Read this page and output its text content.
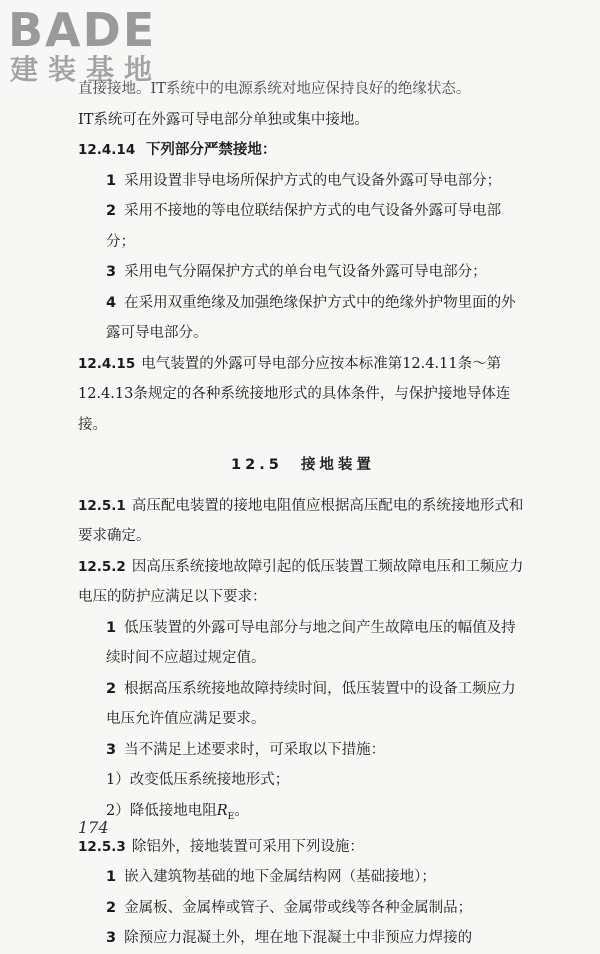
BADE
建装基地
直接接地。IT系统中的电源系统对地应保持良好的绝缘状态。
IT系统可在外露可导电部分单独或集中接地。
12.4.14 下列部分严禁接地：
1 采用设置非导电场所保护方式的电气设备外露可导电部分；
2 采用不接地的等电位联结保护方式的电气设备外露可导电部分；
3 采用电气分隔保护方式的单台电气设备外露可导电部分；
4 在采用双重绝缘及加强绝缘保护方式中的绝缘外护物里面的外露可导电部分。
12.4.15 电气装置的外露可导电部分应按本标准第12.4.11条～第12.4.13条规定的各种系统接地形式的具体条件，与保护接地导体连接。
12.5 接地装置
12.5.1 高压配电装置的接地电阻值应根据高压配电的系统接地形式和要求确定。
12.5.2 因高压系统接地故障引起的低压装置工频故障电压和工频应力电压的防护应满足以下要求：
1 低压装置的外露可导电部分与地之间产生故障电压的幅值及持续时间不应超过规定值。
2 根据高压系统接地故障持续时间，低压装置中的设备工频应力电压允许值应满足要求。
3 当不满足上述要求时，可采取以下措施：
1）改变低压系统接地形式；
2）降低接地电阻$R_E$。
12.5.3 除铝外，接地装置可采用下列设施：
1 嵌入建筑物基础的地下金属结构网（基础接地）；
2 金属板、金属棒或管子、金属带或线等各种金属制品；
3 除预应力混凝土外，埋在地下混凝土中非预应力焊接的
174
